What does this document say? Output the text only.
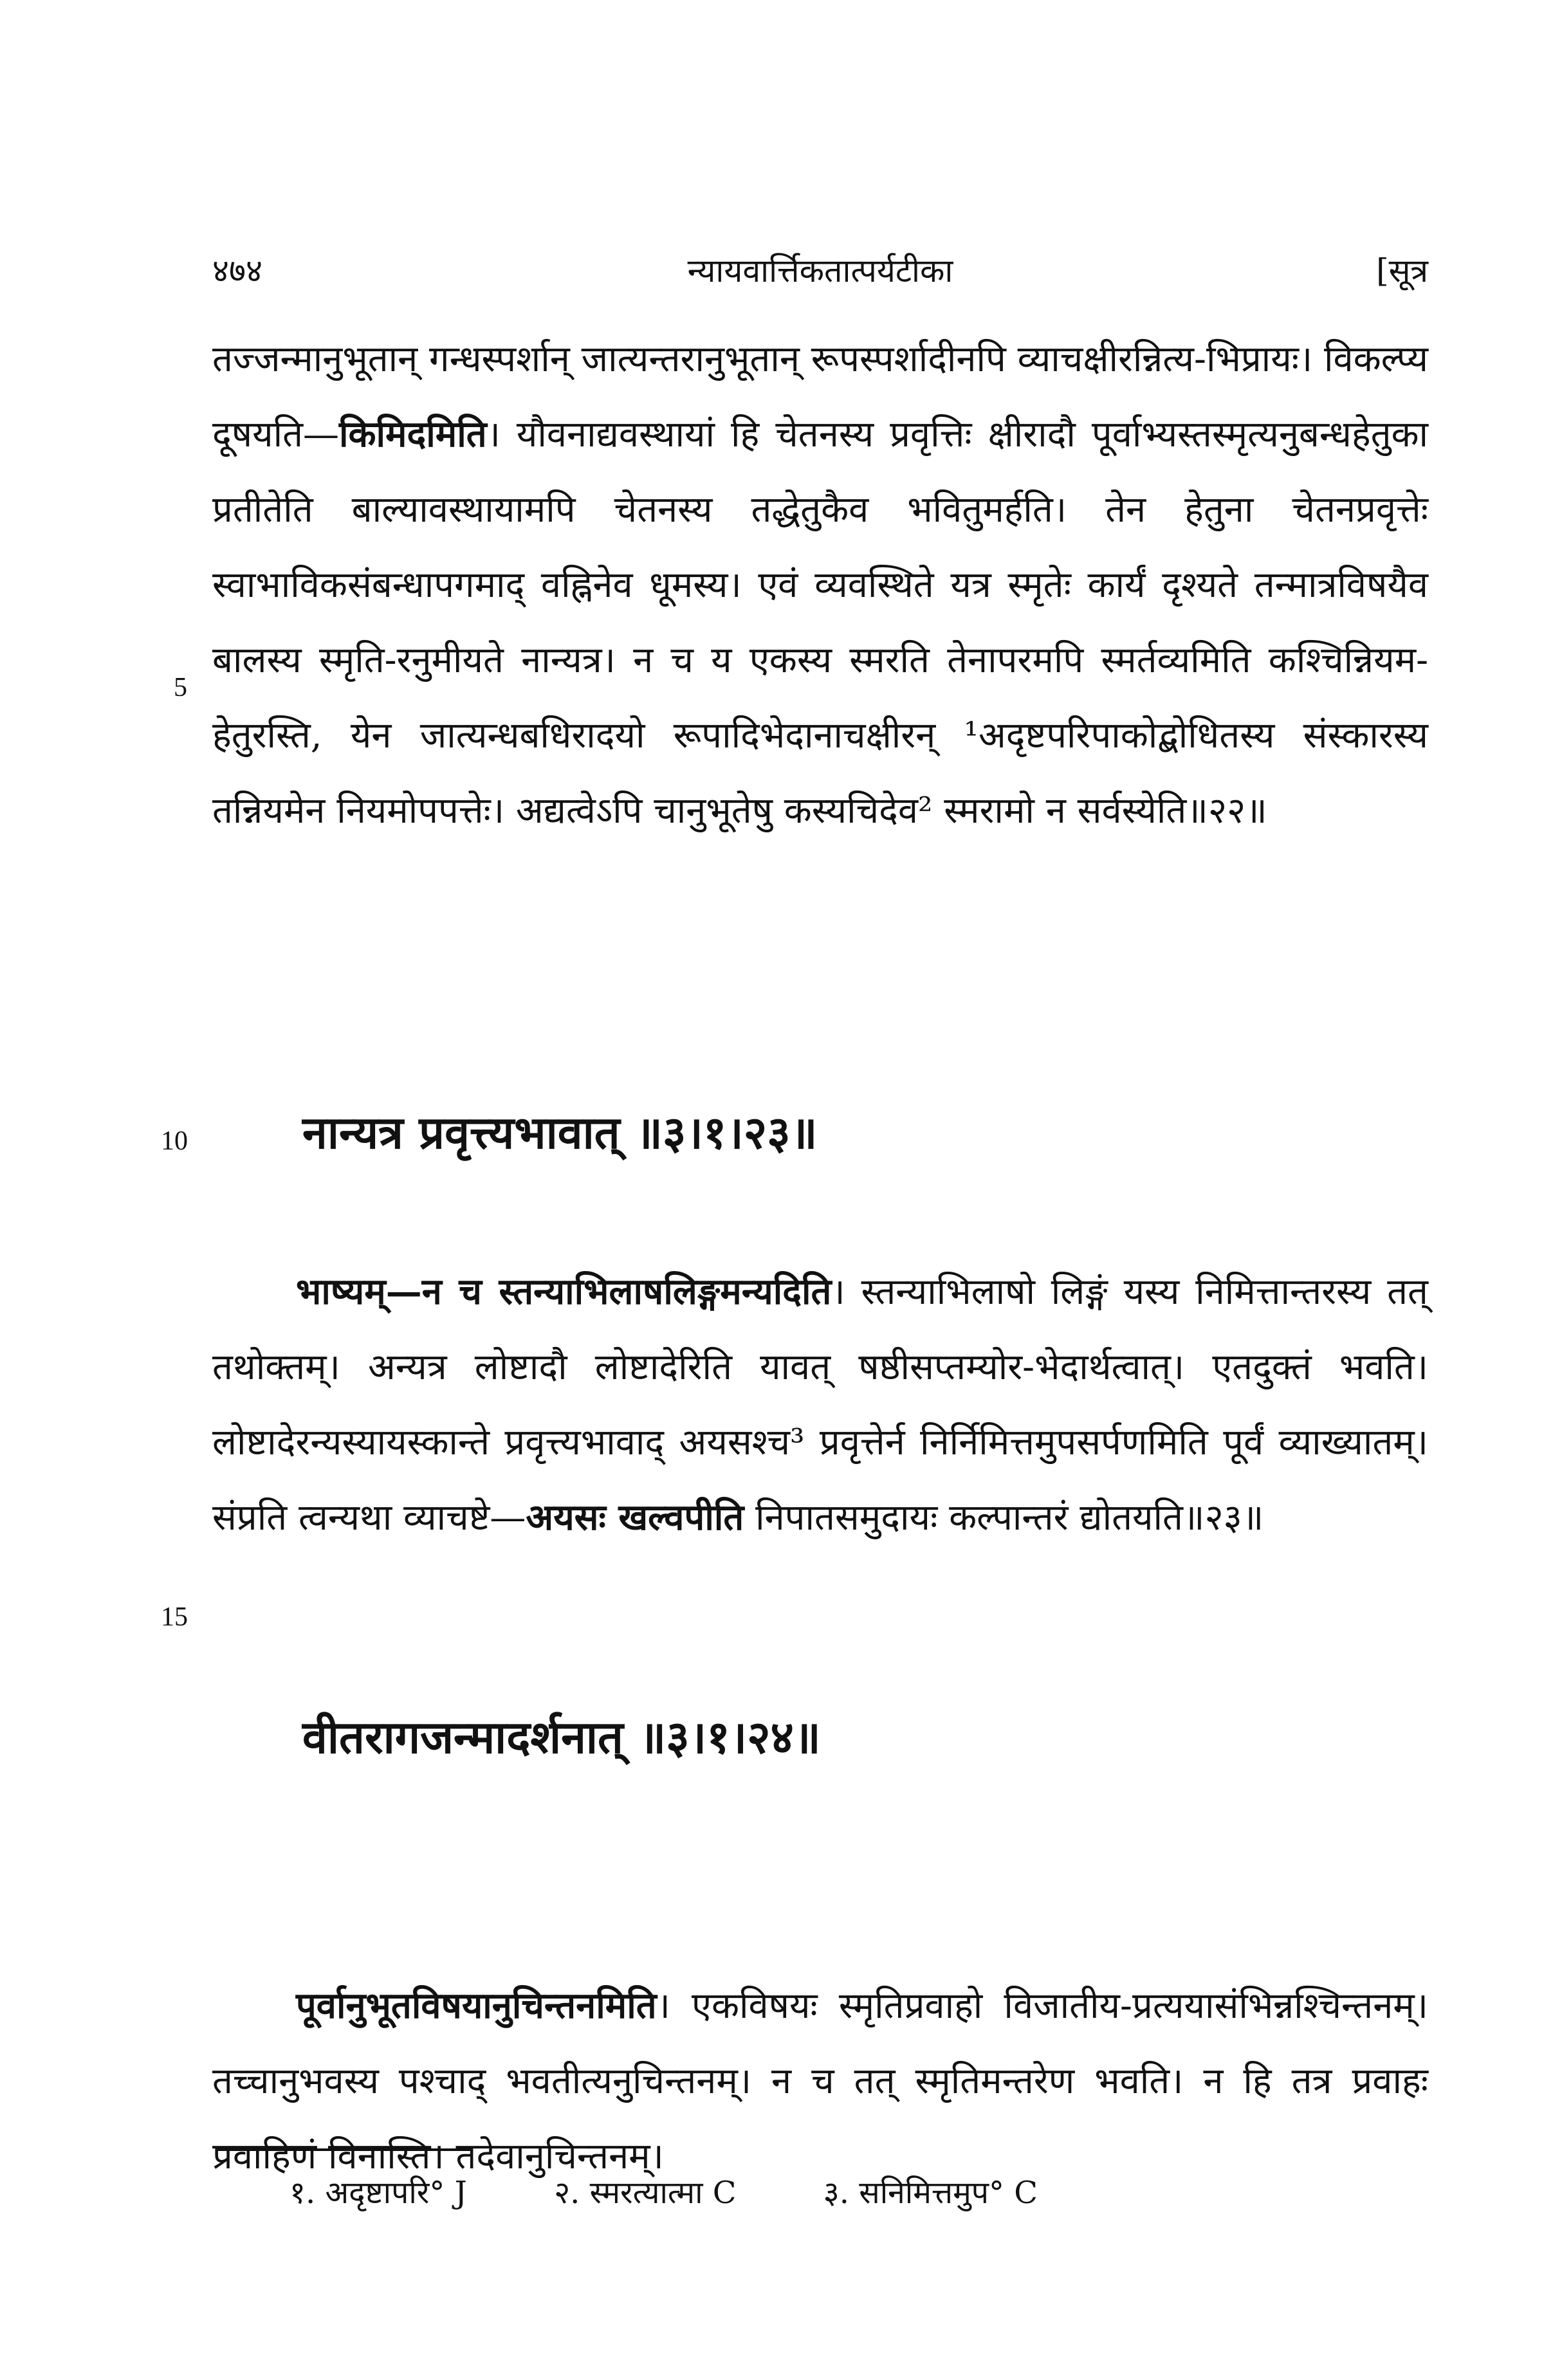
४७४	न्यायवार्त्तिकतात्पर्यटीका	[सूत्र
तज्जन्मानुभूतान् गन्धस्पर्शान् जात्यन्तरानुभूतान् रूपस्पर्शादीनपि व्याचक्षीरन्नित्य-भिप्रायः। विकल्प्य दूषयति—किमिदमिति। यौवनाद्यवस्थायां हि चेतनस्य प्रवृत्तिः क्षीरादौ पूर्वाभ्यस्तस्मृत्यनुबन्धहेतुका प्रतीतेति बाल्यावस्थायामपि चेतनस्य तद्धेतुकैव भवितुमर्हति। तेन हेतुना चेतनप्रवृत्तेः स्वाभाविकसंबन्धापगमाद् वह्निनेव धूमस्य। एवं व्यवस्थिते यत्र स्मृतेः कार्यं दृश्यते तन्मात्रविषयैव बालस्य स्मृति-रनुमीयते नान्यत्र। न च य एकस्य स्मरति तेनापरमपि स्मर्तव्यमिति कश्चिन्नियम-हेतुरस्ति, येन जात्यन्धबधिरादयो रूपादिभेदानाचक्षीरन् ¹अदृष्टपरिपाकोद्बोधितस्य संस्कारस्य तन्नियमेन नियमोपपत्तेः। अद्यत्वेऽपि चानुभूतेषु कस्यचिदेव² स्मरामो न सर्वस्येति॥२२॥
5
नान्यत्र प्रवृत्त्यभावात् ॥३।१।२३॥
10
भाष्यम्—न च स्तन्याभिलाषलिङ्गमन्यदिति। स्तन्याभिलाषो लिङ्गं यस्य निमित्तान्तरस्य तत् तथोक्तम्। अन्यत्र लोष्टादौ लोष्टादेरिति यावत् षष्ठीसप्तम्योर-भेदार्थत्वात्। एतदुक्तं भवति। लोष्टादेरन्यस्यायस्कान्ते प्रवृत्त्यभावाद् अयसश्च³ प्रवृत्तेर्न निर्निमित्तमुपसर्पणमिति पूर्वं व्याख्यातम्। संप्रति त्वन्यथा व्याचष्टे—अयसः खल्वपीति निपातसमुदायः कल्पान्तरं द्योतयति॥२३॥
15
वीतरागजन्मादर्शनात् ॥३।१।२४॥
पूर्वानुभूतविषयानुचिन्तनमिति। एकविषयः स्मृतिप्रवाहो विजातीय-प्रत्ययासंभिन्नश्चिन्तनम्। तच्चानुभवस्य पश्चाद् भवतीत्यनुचिन्तनम्। न च तत् स्मृतिमन्तरेण भवति। न हि तत्र प्रवाहः प्रवाहिणं विनास्ति। तदेवानुचिन्तनम्।
१. अदृष्टापरि° J	२. स्मरत्यात्मा C	३. सनिमित्तमुप° C
